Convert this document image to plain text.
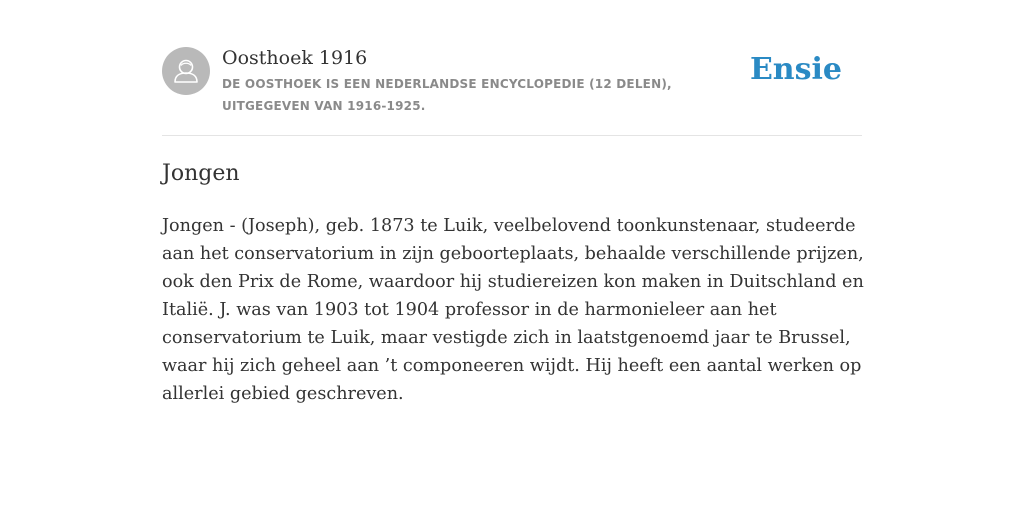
Oosthoek 1916
DE OOSTHOEK IS EEN NEDERLANDSE ENCYCLOPEDIE (12 DELEN), UITGEGEVEN VAN 1916-1925.
Ensie
Jongen

Jongen - (Joseph), geb. 1873 te Luik, veelbelovend toonkunstenaar, studeerde aan het conservatorium in zijn geboorteplaats, behaalde verschillende prijzen, ook den Prix de Rome, waardoor hij studiereizen kon maken in Duitschland en Italië. J. was van 1903 tot 1904 professor in de harmonieleer aan het conservatorium te Luik, maar vestigde zich in laatstgenoemd jaar te Brussel, waar hij zich geheel aan ’t componeeren wijdt. Hij heeft een aantal werken op allerlei gebied geschreven.
